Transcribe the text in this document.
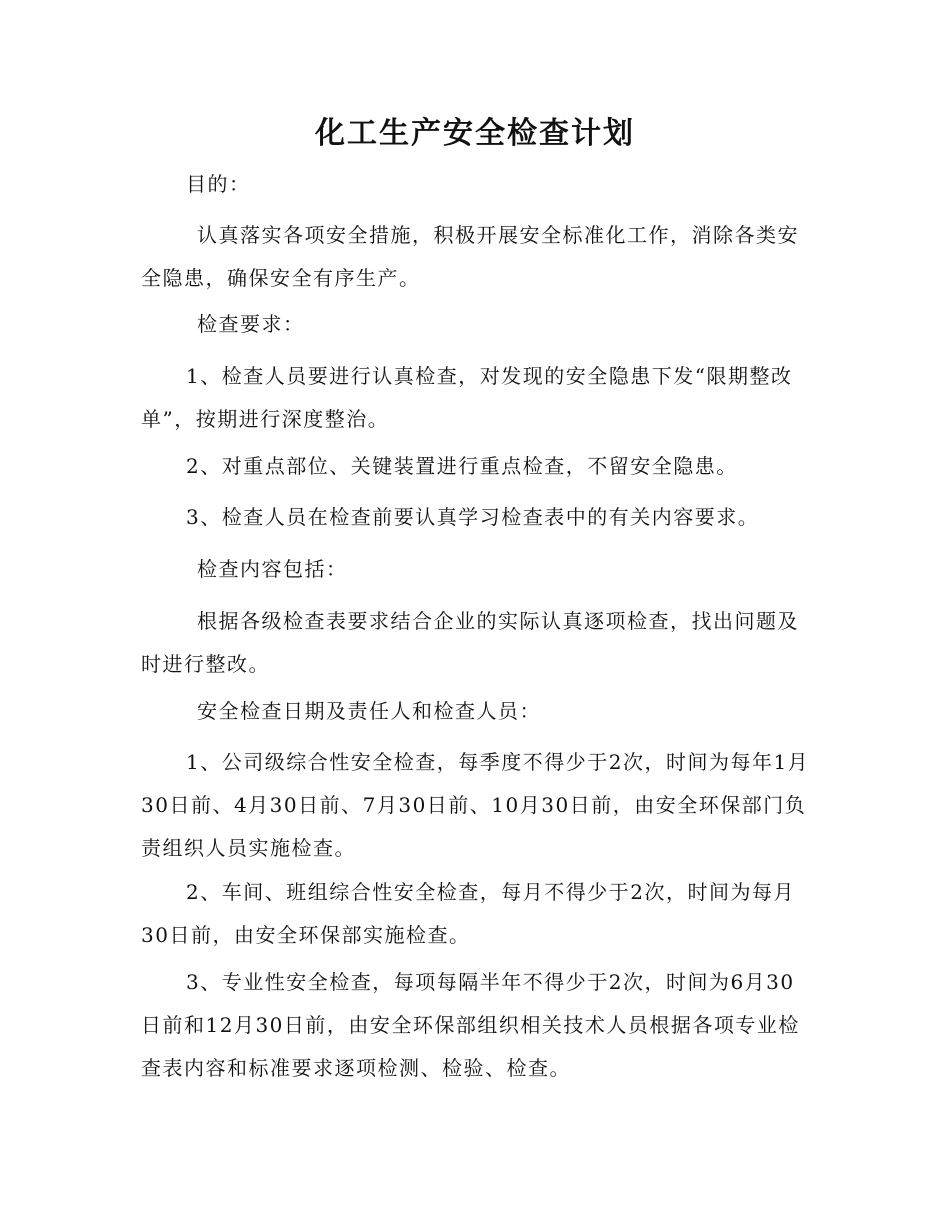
化工生产安全检查计划

目的：

认真落实各项安全措施，积极开展安全标准化工作，消除各类安全隐患，确保安全有序生产。

检查要求：

1、检查人员要进行认真检查，对发现的安全隐患下发“限期整改单”，按期进行深度整治。

2、对重点部位、关键装置进行重点检查，不留安全隐患。

3、检查人员在检查前要认真学习检查表中的有关内容要求。

检查内容包括：

根据各级检查表要求结合企业的实际认真逐项检查，找出问题及时进行整改。

安全检查日期及责任人和检查人员：

1、公司级综合性安全检查，每季度不得少于2次，时间为每年1月30日前、4月30日前、7月30日前、10月30日前，由安全环保部门负责组织人员实施检查。

2、车间、班组综合性安全检查，每月不得少于2次，时间为每月30日前，由安全环保部实施检查。

3、专业性安全检查，每项每隔半年不得少于2次，时间为6月30日前和12月30日前，由安全环保部组织相关技术人员根据各项专业检查表内容和标准要求逐项检测、检验、检查。
